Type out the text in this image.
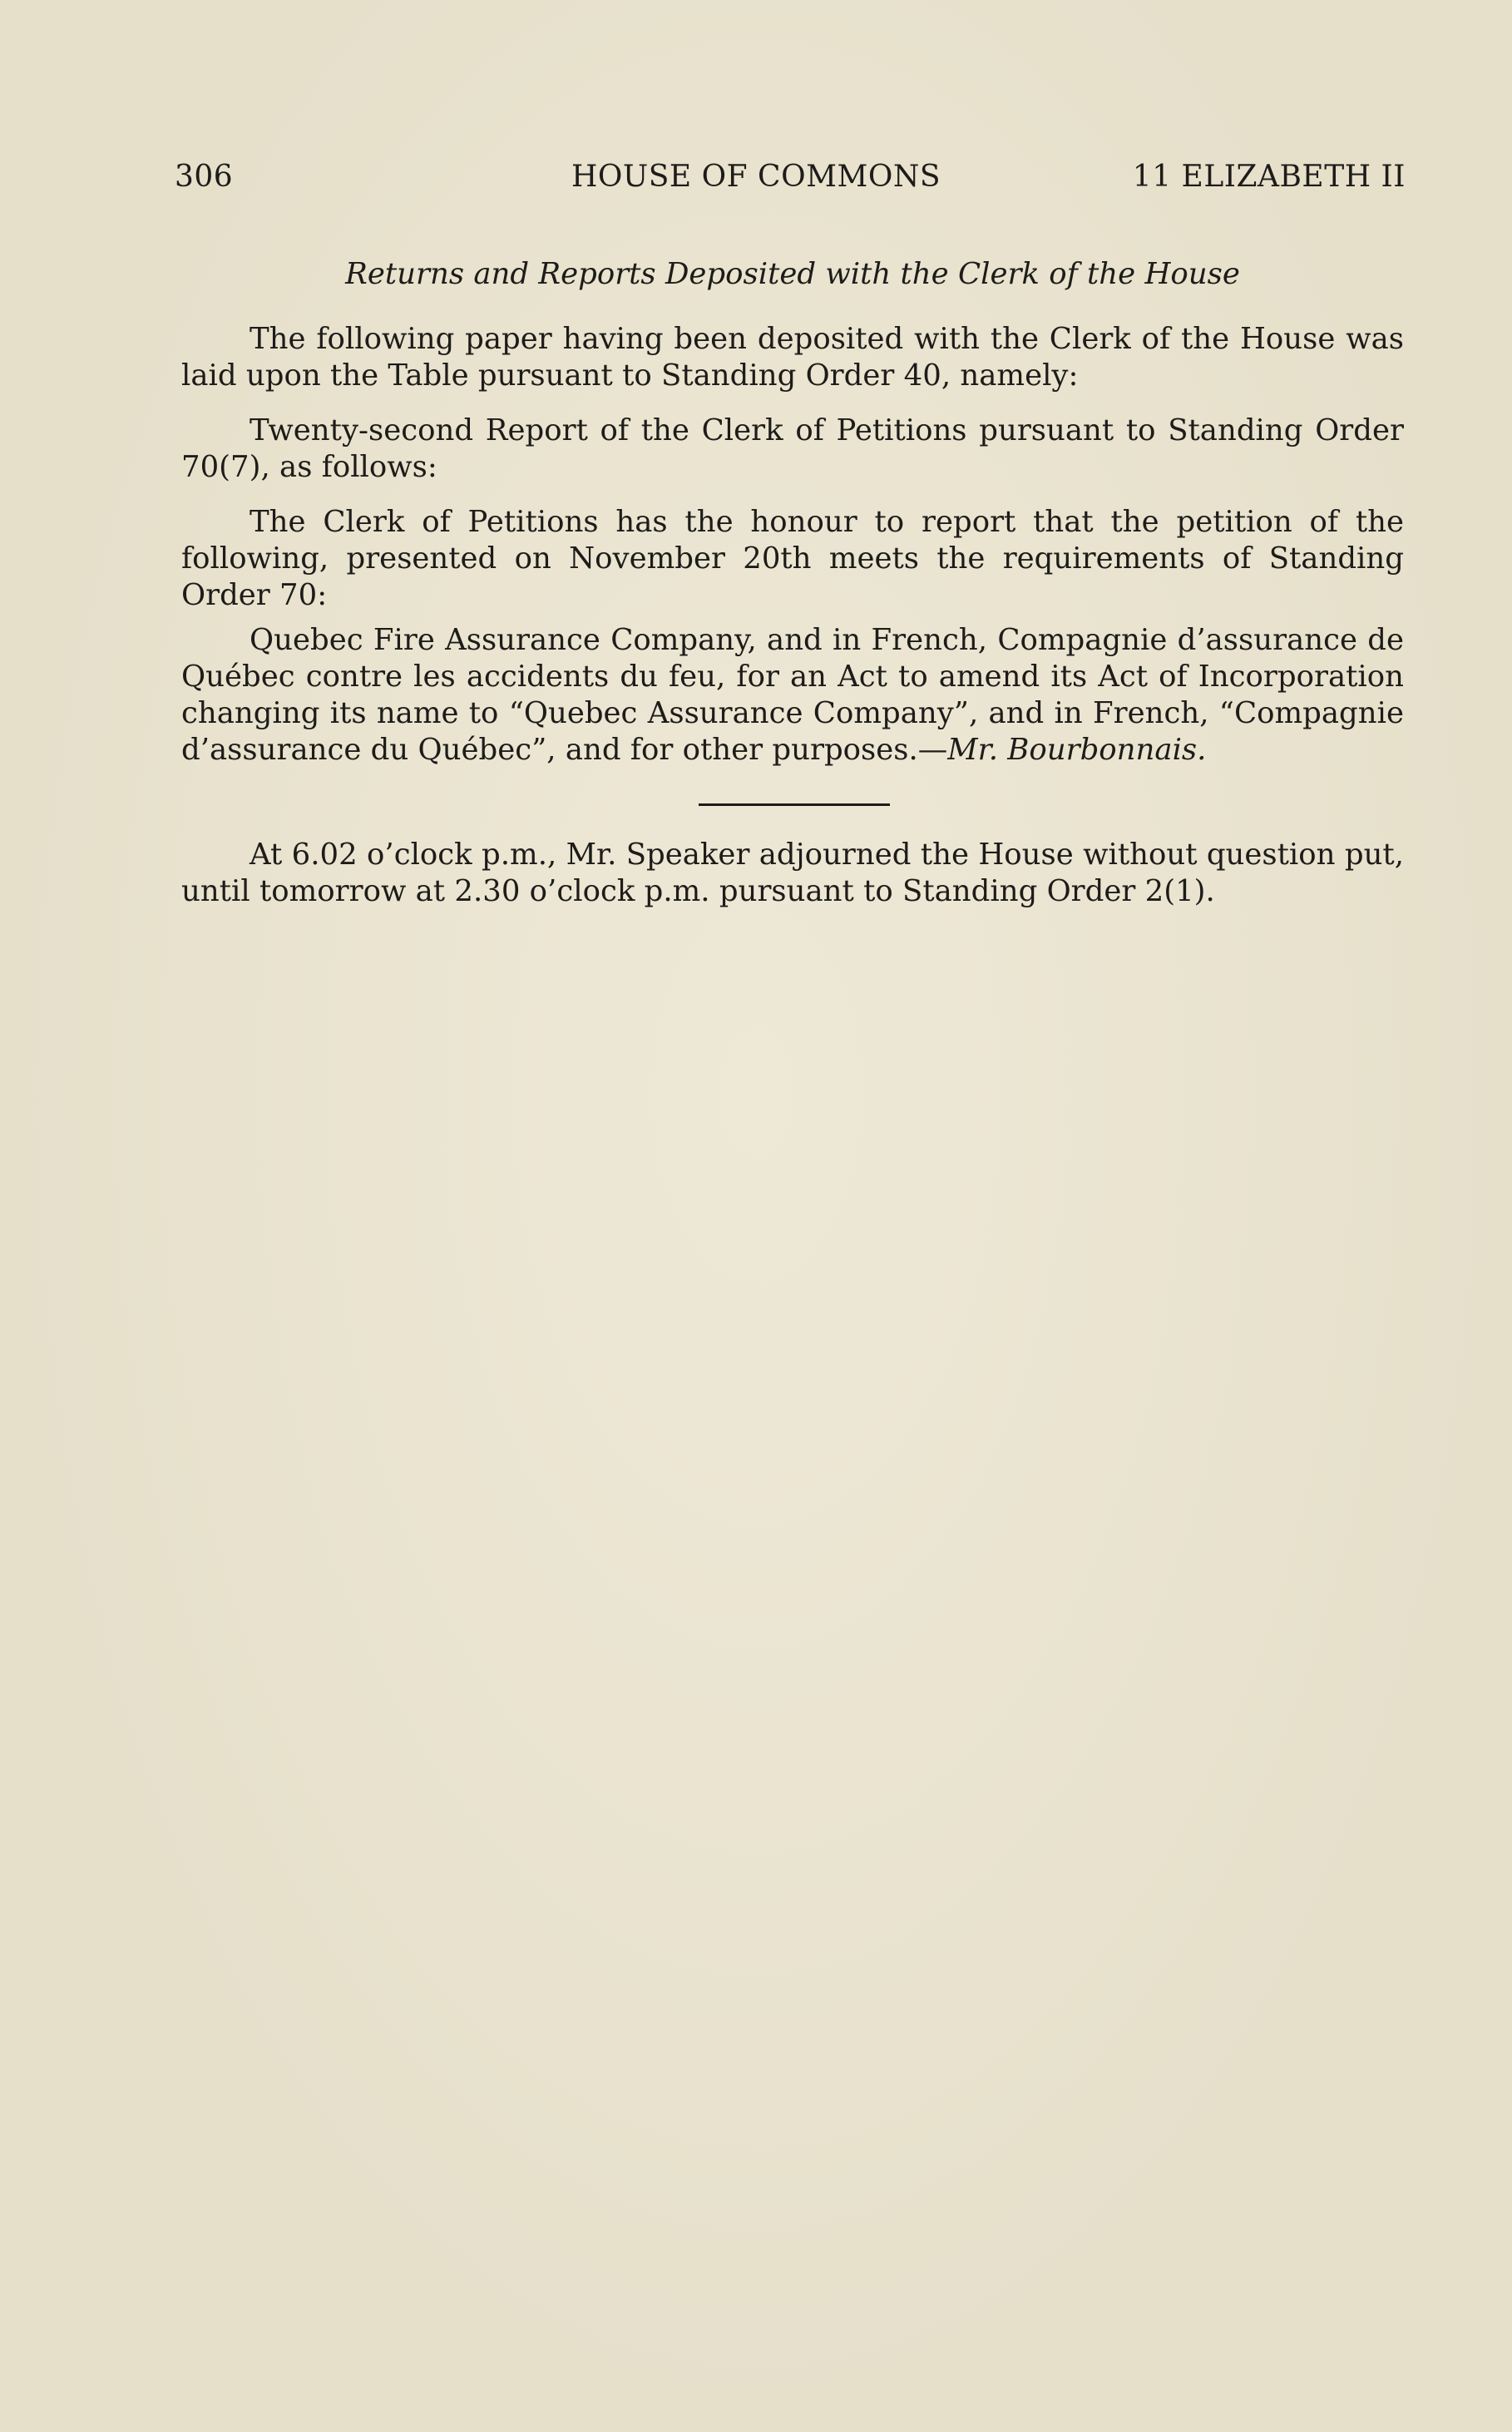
306	HOUSE OF COMMONS	11 ELIZABETH II

Returns and Reports Deposited with the Clerk of the House

The following paper having been deposited with the Clerk of the House was laid upon the Table pursuant to Standing Order 40, namely:

Twenty-second Report of the Clerk of Petitions pursuant to Standing Order 70(7), as follows:

The Clerk of Petitions has the honour to report that the petition of the following, presented on November 20th meets the requirements of Standing Order 70:

Quebec Fire Assurance Company, and in French, Compagnie d’assurance de Québec contre les accidents du feu, for an Act to amend its Act of Incorporation changing its name to “Quebec Assurance Company”, and in French, “Compagnie d’assurance du Québec”, and for other purposes.—Mr. Bourbonnais.

At 6.02 o’clock p.m., Mr. Speaker adjourned the House without question put, until tomorrow at 2.30 o’clock p.m. pursuant to Standing Order 2(1).
